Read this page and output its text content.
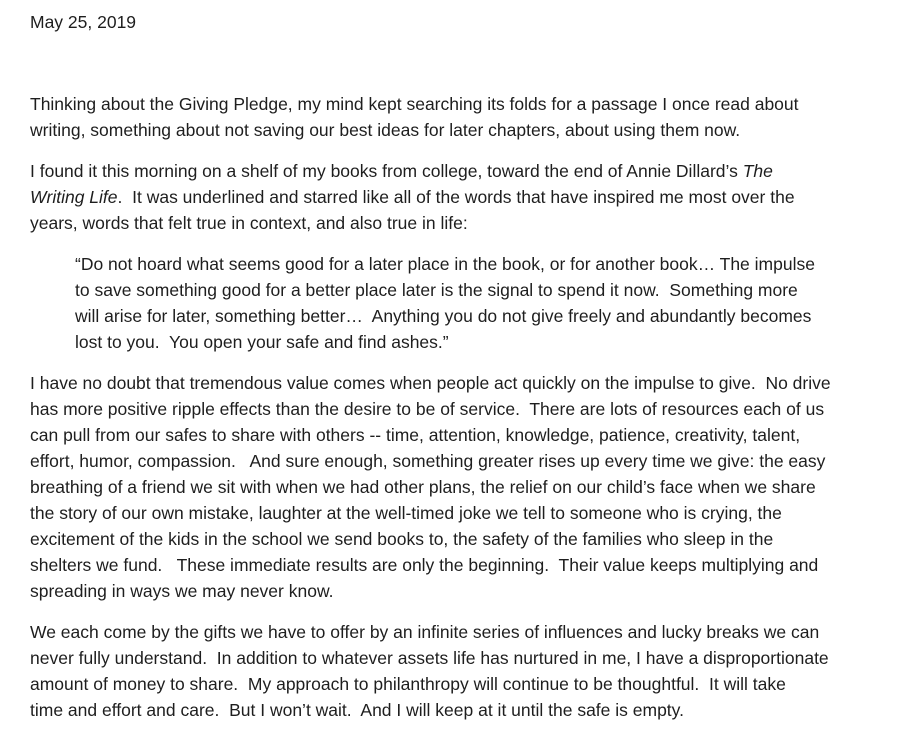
May 25, 2019
Thinking about the Giving Pledge, my mind kept searching its folds for a passage I once read about
writing, something about not saving our best ideas for later chapters, about using them now.
I found it this morning on a shelf of my books from college, toward the end of Annie Dillard’s The
Writing Life.  It was underlined and starred like all of the words that have inspired me most over the
years, words that felt true in context, and also true in life:
“Do not hoard what seems good for a later place in the book, or for another book… The impulse
to save something good for a better place later is the signal to spend it now.  Something more
will arise for later, something better…  Anything you do not give freely and abundantly becomes
lost to you.  You open your safe and find ashes.”
I have no doubt that tremendous value comes when people act quickly on the impulse to give.  No drive
has more positive ripple effects than the desire to be of service.  There are lots of resources each of us
can pull from our safes to share with others -- time, attention, knowledge, patience, creativity, talent,
effort, humor, compassion.   And sure enough, something greater rises up every time we give: the easy
breathing of a friend we sit with when we had other plans, the relief on our child’s face when we share
the story of our own mistake, laughter at the well-timed joke we tell to someone who is crying, the
excitement of the kids in the school we send books to, the safety of the families who sleep in the
shelters we fund.   These immediate results are only the beginning.  Their value keeps multiplying and
spreading in ways we may never know.
We each come by the gifts we have to offer by an infinite series of influences and lucky breaks we can
never fully understand.  In addition to whatever assets life has nurtured in me, I have a disproportionate
amount of money to share.  My approach to philanthropy will continue to be thoughtful.  It will take
time and effort and care.  But I won’t wait.  And I will keep at it until the safe is empty.
